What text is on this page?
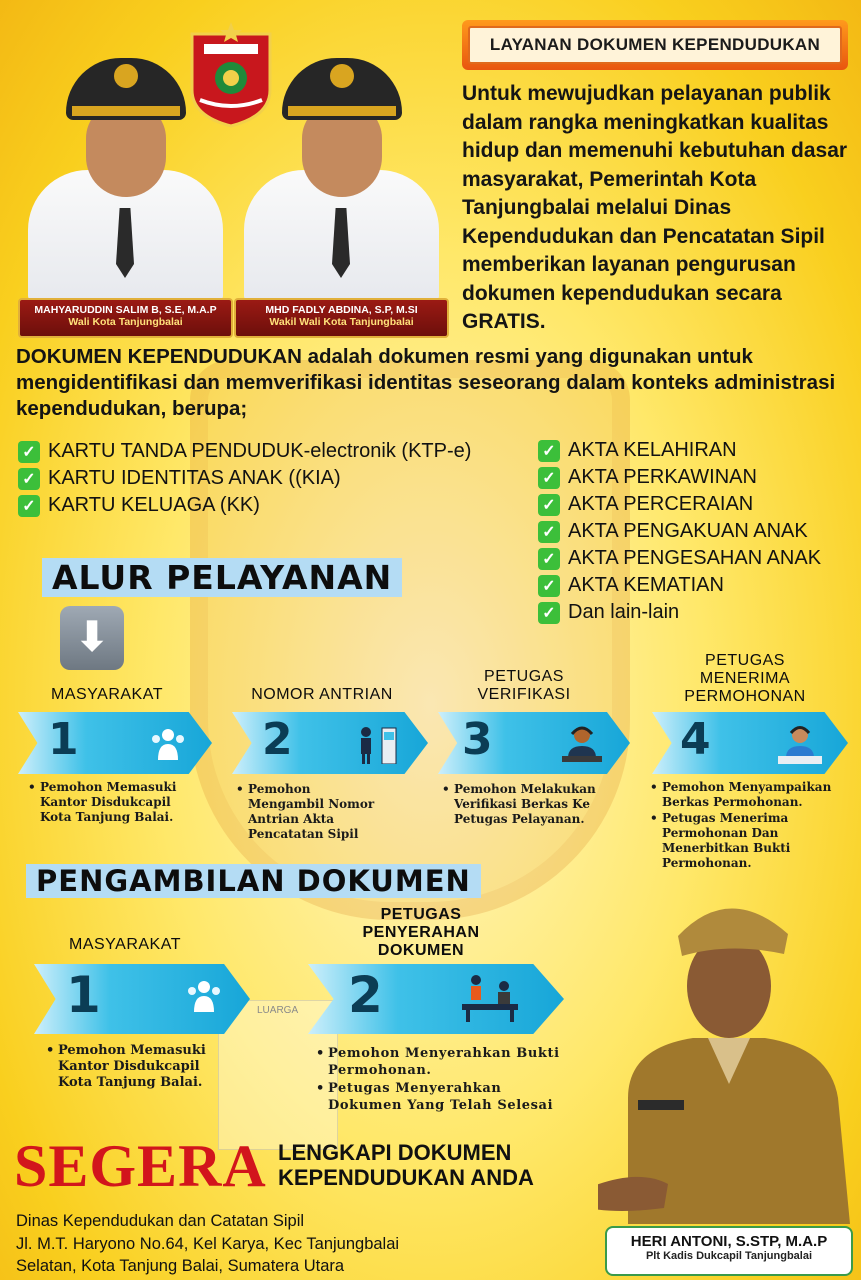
MAHYARUDDIN SALIM B, S.E, M.A.P
Wali Kota Tanjungbalai
MHD FADLY ABDINA, S.P, M.SI
Wakil Wali Kota Tanjungbalai
LAYANAN DOKUMEN KEPENDUDUKAN
Untuk mewujudkan pelayanan publik dalam rangka meningkatkan kualitas hidup dan memenuhi kebutuhan dasar masyarakat, Pemerintah Kota Tanjungbalai melalui Dinas Kependudukan dan Pencatatan Sipil memberikan layanan pengurusan dokumen kependudukan secara GRATIS.
DOKUMEN KEPENDUDUKAN adalah dokumen resmi yang digunakan untuk mengidentifikasi dan memverifikasi identitas seseorang dalam konteks administrasi kependudukan, berupa;
✓ KARTU TANDA PENDUDUK-electronik (KTP-e)
✓ KARTU IDENTITAS ANAK ((KIA)
✓ KARTU KELUAGA (KK)
✓ AKTA KELAHIRAN
✓ AKTA PERKAWINAN
✓ AKTA PERCERAIAN
✓ AKTA PENGAKUAN ANAK
✓ AKTA PENGESAHAN ANAK
✓ AKTA KEMATIAN
✓ Dan lain-lain
ALUR PELAYANAN
⬇
MASYARAKAT	NOMOR ANTRIAN
PETUGAS VERIFIKASI
PETUGAS MENERIMA PERMOHONAN
1	2	3	4

• Pemohon Memasuki Kantor Disdukcapil Kota Tanjung Balai.

• Pemohon Mengambil Nomor Antrian Akta Pencatatan Sipil

• Pemohon Melakukan Verifikasi Berkas Ke Petugas Pelayanan.

• Pemohon Menyampaikan Berkas Permohonan.

• Petugas Menerima Permohonan Dan Menerbitkan Bukti Permohonan.

PENGAMBILAN DOKUMEN
MASYARAKAT
PETUGAS PENYERAHAN DOKUMEN
LUARGA
1	2

• Pemohon Memasuki Kantor Disdukcapil Kota Tanjung Balai.

• Pemohon Menyerahkan Bukti Permohonan.

• Petugas Menyerahkan Dokumen Yang Telah Selesai

SEGERA LENGKAPI DOKUMEN
KEPENDUDUKAN ANDA
Dinas Kependudukan dan Catatan Sipil
Jl. M.T. Haryono No.64, Kel Karya, Kec Tanjungbalai
Selatan, Kota Tanjung Balai, Sumatera Utara
HERI ANTONI, S.STP, M.A.P
Plt Kadis Dukcapil Tanjungbalai
